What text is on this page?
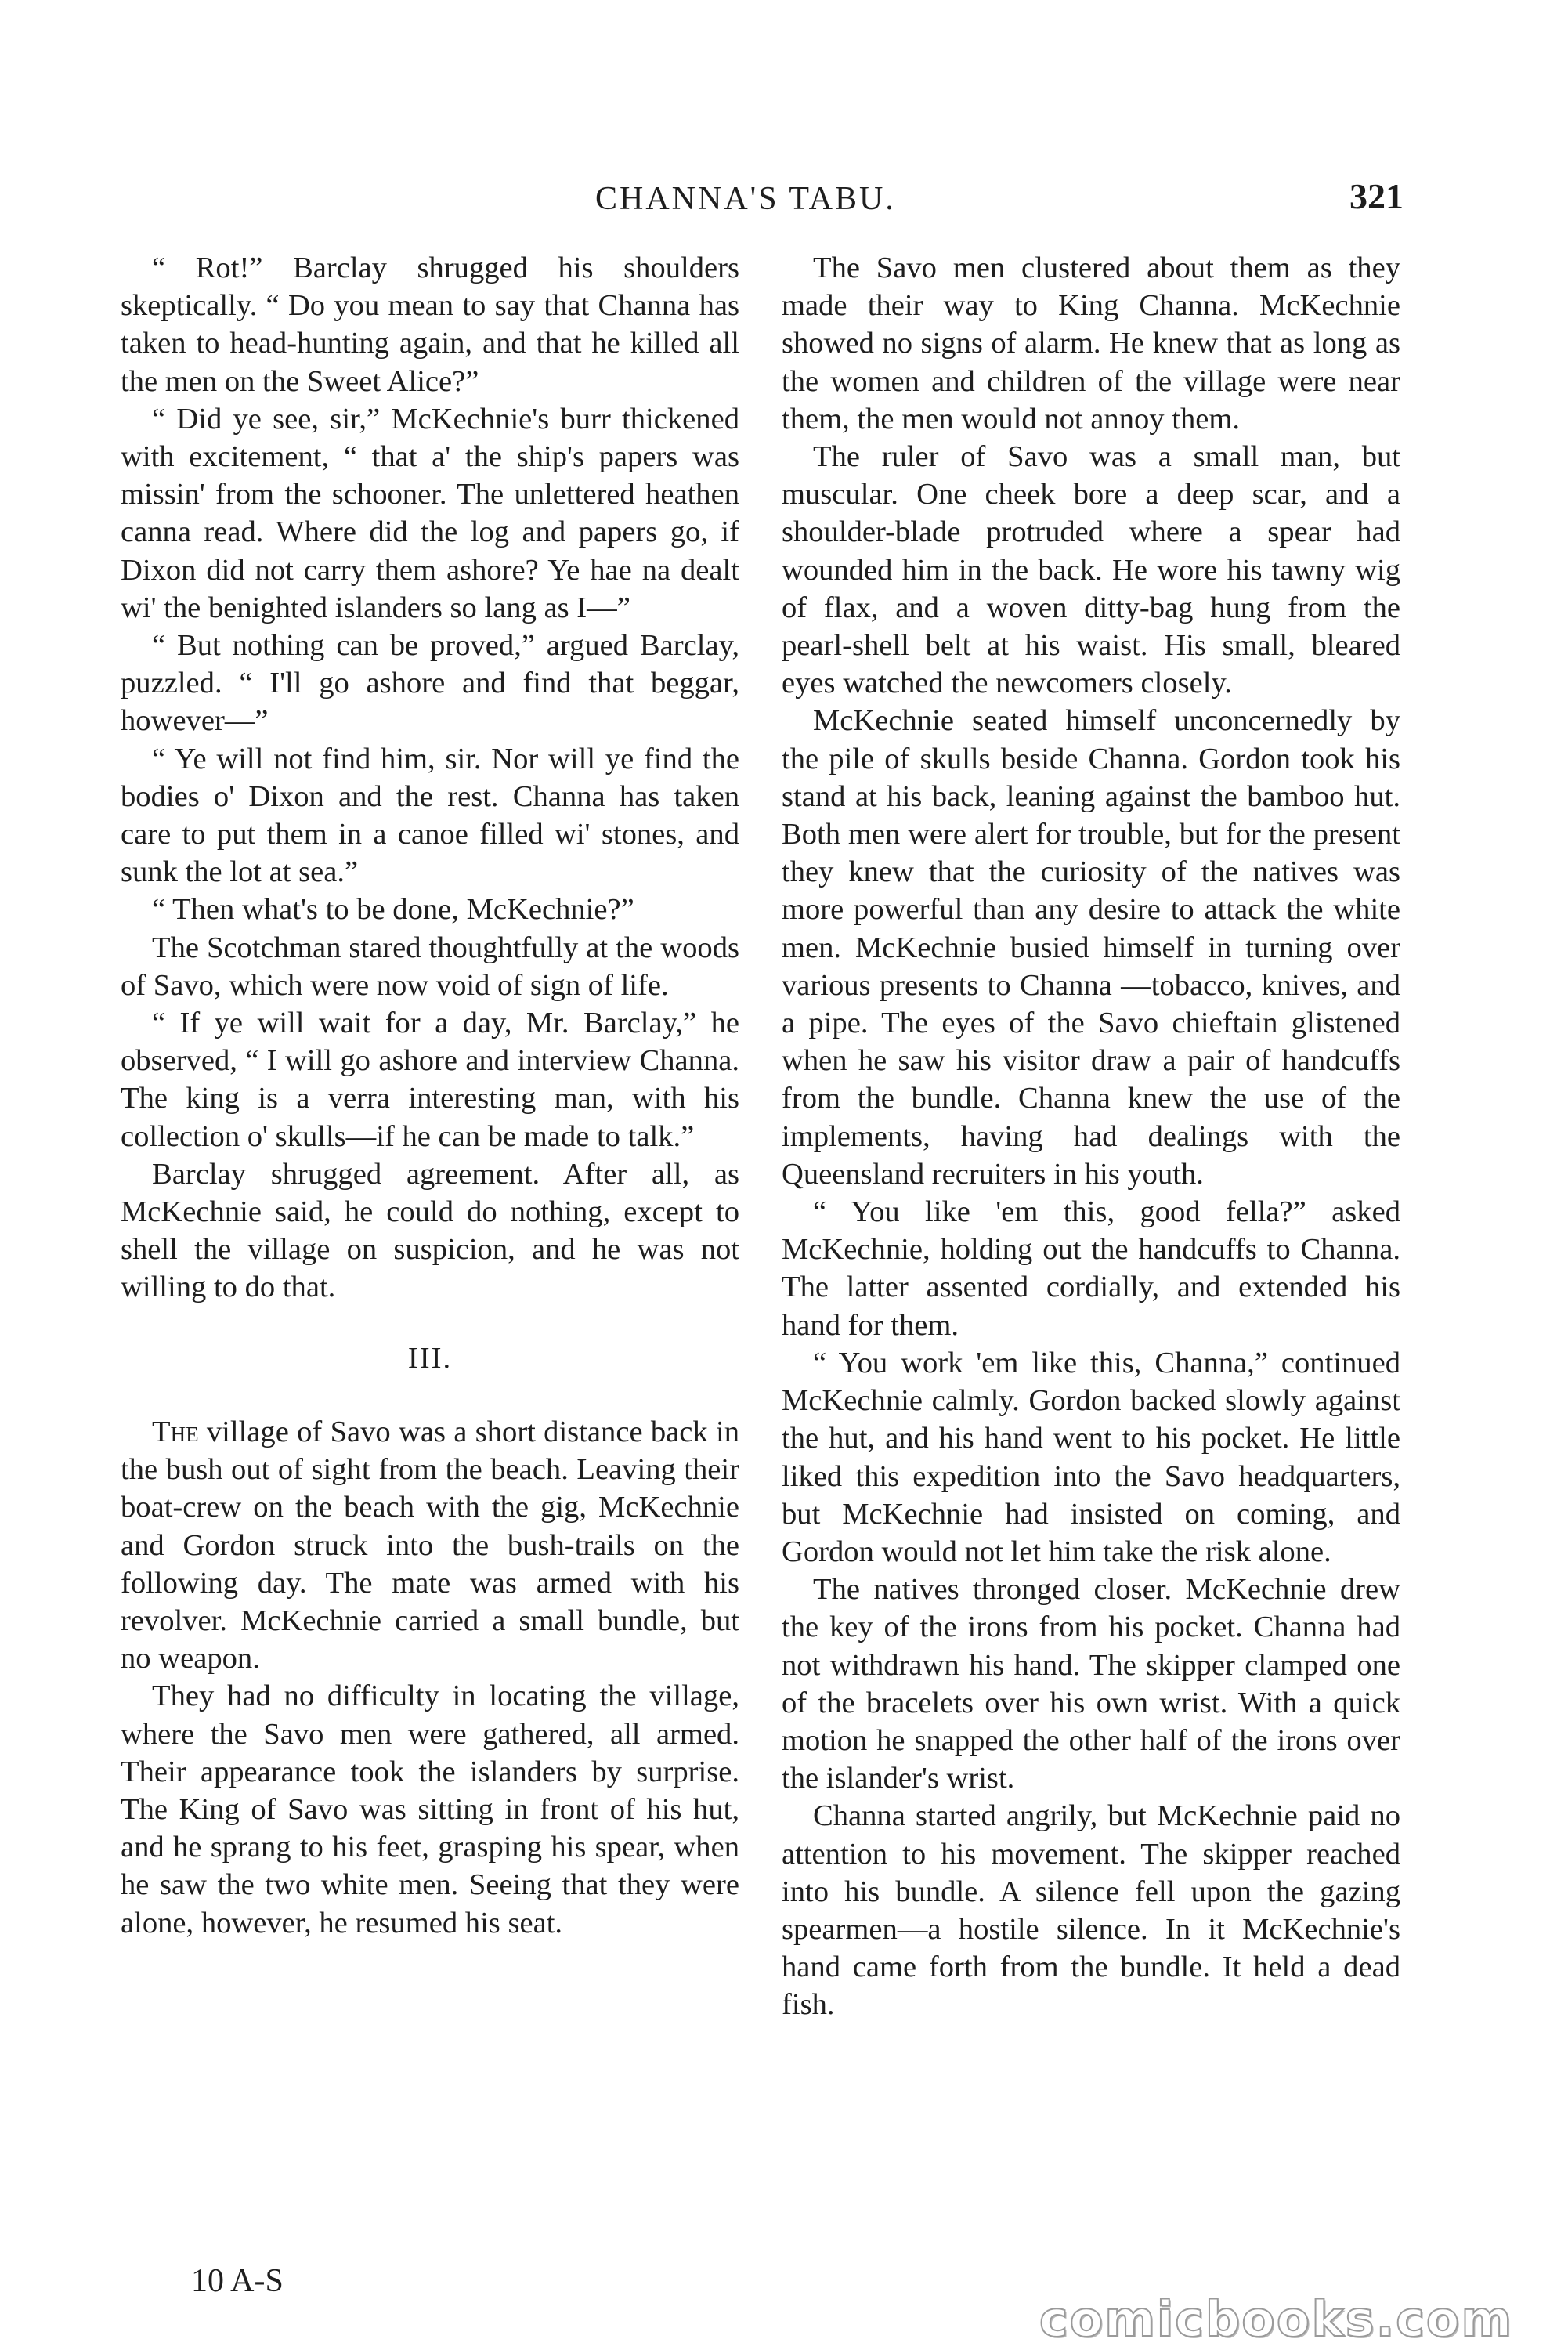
CHANNA'S TABU.	321

“ Rot!” Barclay shrugged his shoulders skeptically. “ Do you mean to say that Channa has taken to head-hunting again, and that he killed all the men on the Sweet Alice?”

“ Did ye see, sir,” McKechnie's burr thickened with excitement, “ that a' the ship's papers was missin' from the schooner. The unlettered heathen canna read. Where did the log and papers go, if Dixon did not carry them ashore? Ye hae na dealt wi' the benighted islanders so lang as I—”

“ But nothing can be proved,” argued Barclay, puzzled. “ I'll go ashore and find that beggar, however—”

“ Ye will not find him, sir. Nor will ye find the bodies o' Dixon and the rest. Channa has taken care to put them in a canoe filled wi' stones, and sunk the lot at sea.”

“ Then what's to be done, McKechnie?”

The Scotchman stared thoughtfully at the woods of Savo, which were now void of sign of life.

“ If ye will wait for a day, Mr. Barclay,” he observed, “ I will go ashore and interview Channa. The king is a verra interesting man, with his collection o' skulls—if he can be made to talk.”

Barclay shrugged agreement. After all, as McKechnie said, he could do nothing, except to shell the village on suspicion, and he was not willing to do that.

III.

The village of Savo was a short distance back in the bush out of sight from the beach. Leaving their boat-crew on the beach with the gig, McKechnie and Gordon struck into the bush-trails on the following day. The mate was armed with his revolver. McKechnie carried a small bundle, but no weapon.

They had no difficulty in locating the village, where the Savo men were gathered, all armed. Their appearance took the islanders by surprise. The King of Savo was sitting in front of his hut, and he sprang to his feet, grasping his spear, when he saw the two white men. Seeing that they were alone, however, he resumed his seat.

The Savo men clustered about them as they made their way to King Channa. McKechnie showed no signs of alarm. He knew that as long as the women and children of the village were near them, the men would not annoy them.

The ruler of Savo was a small man, but muscular. One cheek bore a deep scar, and a shoulder-blade protruded where a spear had wounded him in the back. He wore his tawny wig of flax, and a woven ditty-bag hung from the pearl-shell belt at his waist. His small, bleared eyes watched the newcomers closely.

McKechnie seated himself unconcernedly by the pile of skulls beside Channa. Gordon took his stand at his back, leaning against the bamboo hut. Both men were alert for trouble, but for the present they knew that the curiosity of the natives was more powerful than any desire to attack the white men. McKechnie busied himself in turning over various presents to Channa —tobacco, knives, and a pipe. The eyes of the Savo chieftain glistened when he saw his visitor draw a pair of handcuffs from the bundle. Channa knew the use of the implements, having had dealings with the Queensland recruiters in his youth.

“ You like 'em this, good fella?” asked McKechnie, holding out the handcuffs to Channa. The latter assented cordially, and extended his hand for them.

“ You work 'em like this, Channa,” continued McKechnie calmly. Gordon backed slowly against the hut, and his hand went to his pocket. He little liked this expedition into the Savo headquarters, but McKechnie had insisted on coming, and Gordon would not let him take the risk alone.

The natives thronged closer. McKechnie drew the key of the irons from his pocket. Channa had not withdrawn his hand. The skipper clamped one of the bracelets over his own wrist. With a quick motion he snapped the other half of the irons over the islander's wrist.

Channa started angrily, but McKechnie paid no attention to his movement. The skipper reached into his bundle. A silence fell upon the gazing spearmen—a hostile silence. In it McKechnie's hand came forth from the bundle. It held a dead fish.

10 A-S
comicbooks.com
